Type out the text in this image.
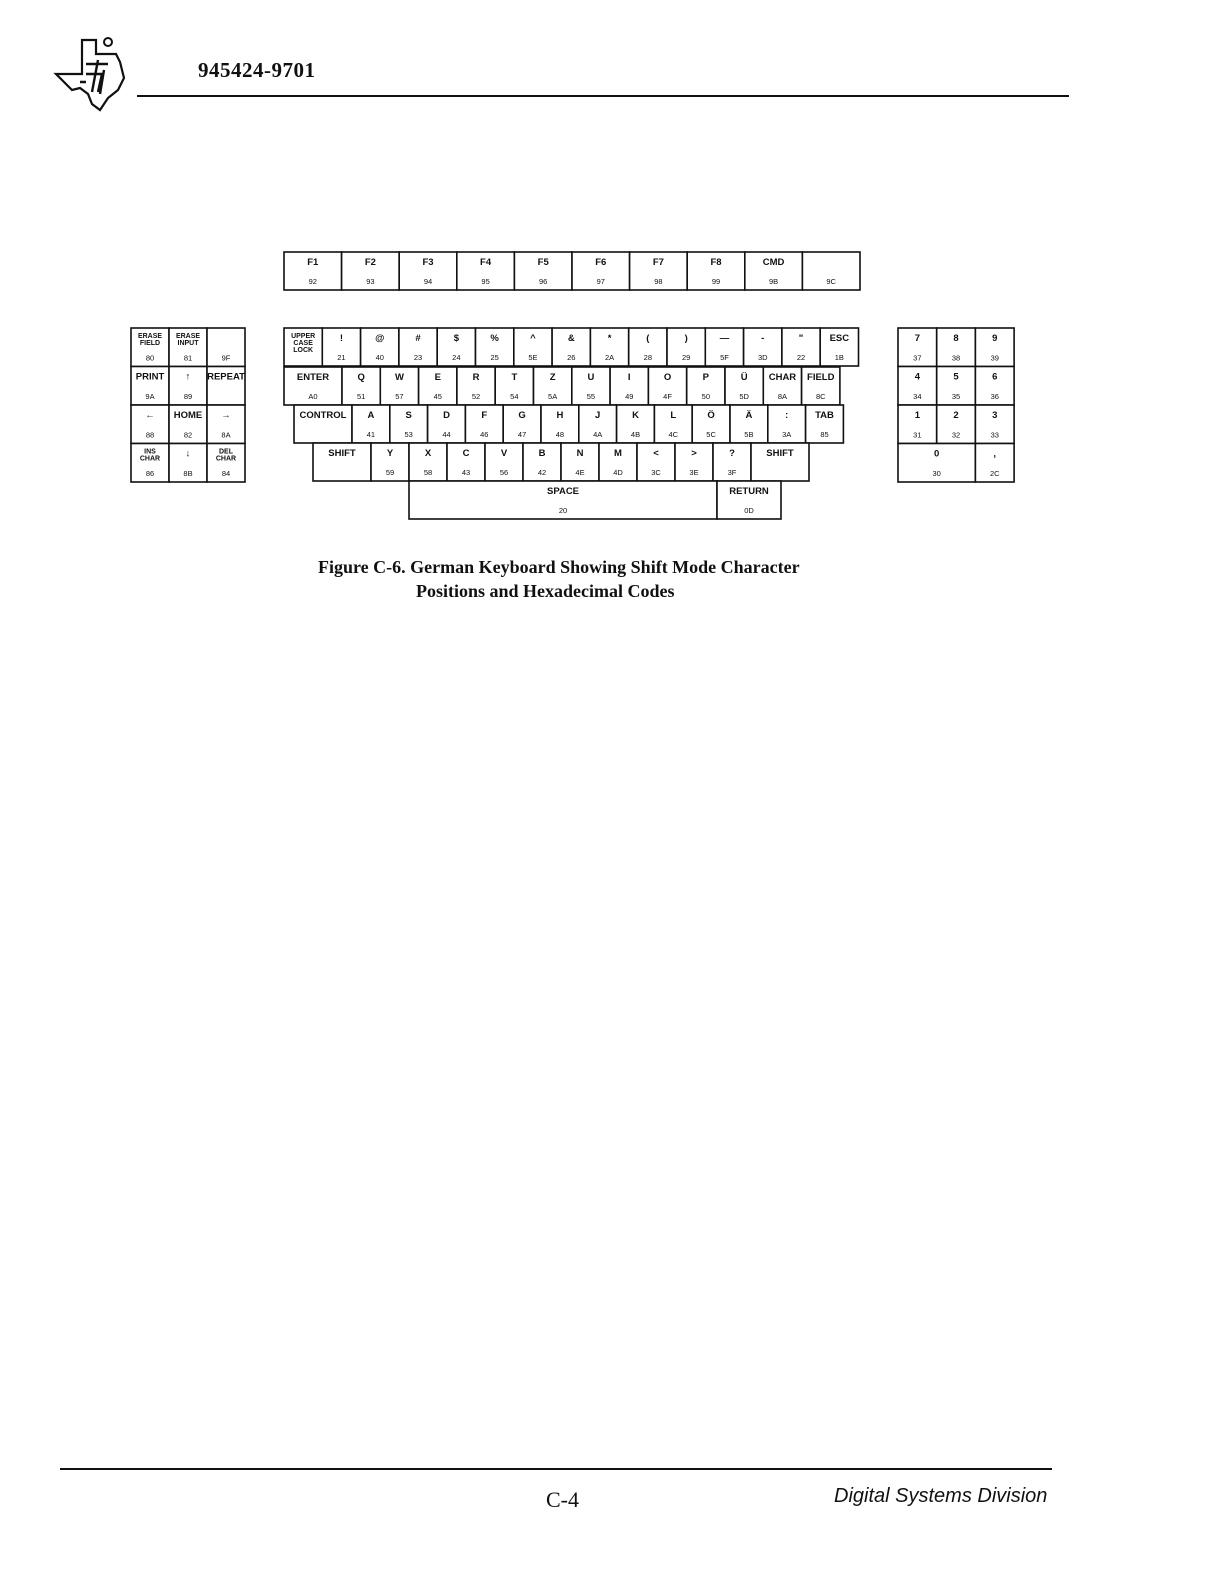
945424-9701
F1
92
F2
93
F3
94
F4
95
F5
96
F6
97
F7
98
F8
99
CMD
9B	9C
ERASE
FIELD
80
ERASE
INPUT
81	9F
PRINT
9A
↑
89
REPEAT
←
88
HOME
82
→
8A
INS
CHAR
86
↓
8B
DEL
CHAR
84
UPPER
CASE
LOCK
!
21
@
40
#
23
$
24
%
25
^
5E
&
26
*
2A
(
28
)
29
—
5F
-
3D
"
22
ESC
1B
ENTER
A0
Q
51
W
57
E
45
R
52
T
54
Z
5A
U
55
I
49
O
4F
P
50
Ü
5D
CHAR
8A
FIELD
8C
CONTROL A
41
S
53
D
44
F
46
G
47
H
48
J
4A
K
4B
L
4C
Ö
5C
Ä
5B
:
3A
TAB
85
SHIFT	Y
59
X
58
C
43
V
56
B
42
N
4E
M
4D
<
3C
>
3E
?
3F
SHIFT
SPACE
20
RETURN
0D
7
37
8
38
9
39
4
34
5
35
6
36
1
31
2
32
3
33
0
30
,
2C
Figure C-6. German Keyboard Showing Shift Mode Character
Positions and Hexadecimal Codes
C-4	Digital Systems Division
